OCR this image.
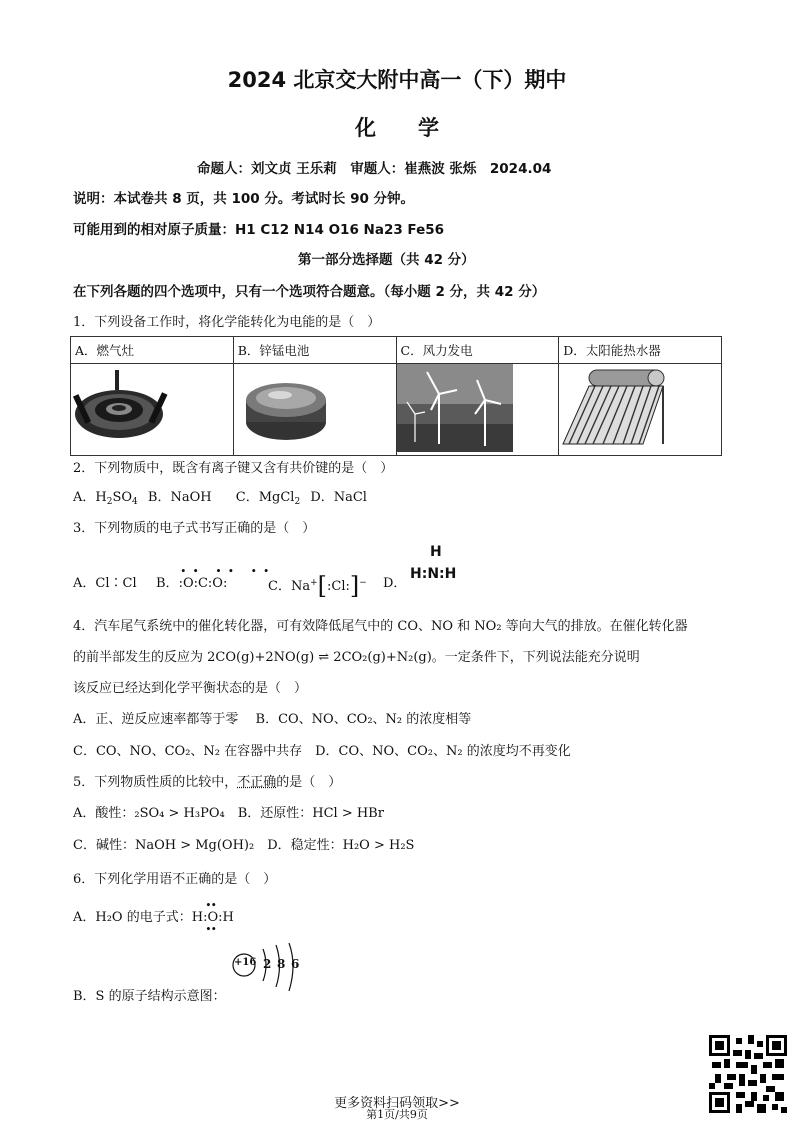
2024 北京交大附中高一（下）期中
化　　学
命题人：刘文贞 王乐莉　审题人：崔燕波 张烁　2024.04
说明：本试卷共 8 页，共 100 分。考试时长 90 分钟。
可能用到的相对原子质量：H1 C12 N14 O16 Na23 Fe56
第一部分选择题（共 42 分）
在下列各题的四个选项中，只有一个选项符合题意。（每小题 2 分，共 42 分）
1．下列设备工作时，将化学能转化为电能的是（　）
A．燃气灶	B．锌锰电池	C．风力发电	D．太阳能热水器

2．下列物质中，既含有离子键又含有共价键的是（　）
A．$H_2SO_4$ B．NaOH C．MgCl$_2$ D．NaCl
3．下列物质的电子式书写正确的是（　）
A．Cl∶Cl B．
∙∙ ∙∙ ∙∙
:O:C:O:	C．Na+[:Cl:]− D．
H
H:N:H
4．汽车尾气系统中的催化转化器，可有效降低尾气中的 CO、NO 和 NO₂ 等向大气的排放。在催化转化器
的前半部发生的反应为 2CO(g)+2NO(g) ⇌ 2CO₂(g)+N₂(g)。一定条件下，下列说法能充分说明
该反应已经达到化学平衡状态的是（　）
A．正、逆反应速率都等于零　 B．CO、NO、CO₂、N₂ 的浓度相等
C．CO、NO、CO₂、N₂ 在容器中共存　D．CO、NO、CO₂、N₂ 的浓度均不再变化
5．下列物质性质的比较中，不正确的是（　）
A．酸性：₂SO₄ > H₃PO₄　B．还原性：HCl > HBr
C．碱性：NaOH > Mg(OH)₂　D．稳定性：H₂O > H₂S
6．下列化学用语不正确的是（　）
A．H₂O 的电子式：
∙∙
H:O:H
∙∙
B．S 的原子结构示意图：
+16 2 8 6
更多资料扫码领取>>
第1页/共9页
